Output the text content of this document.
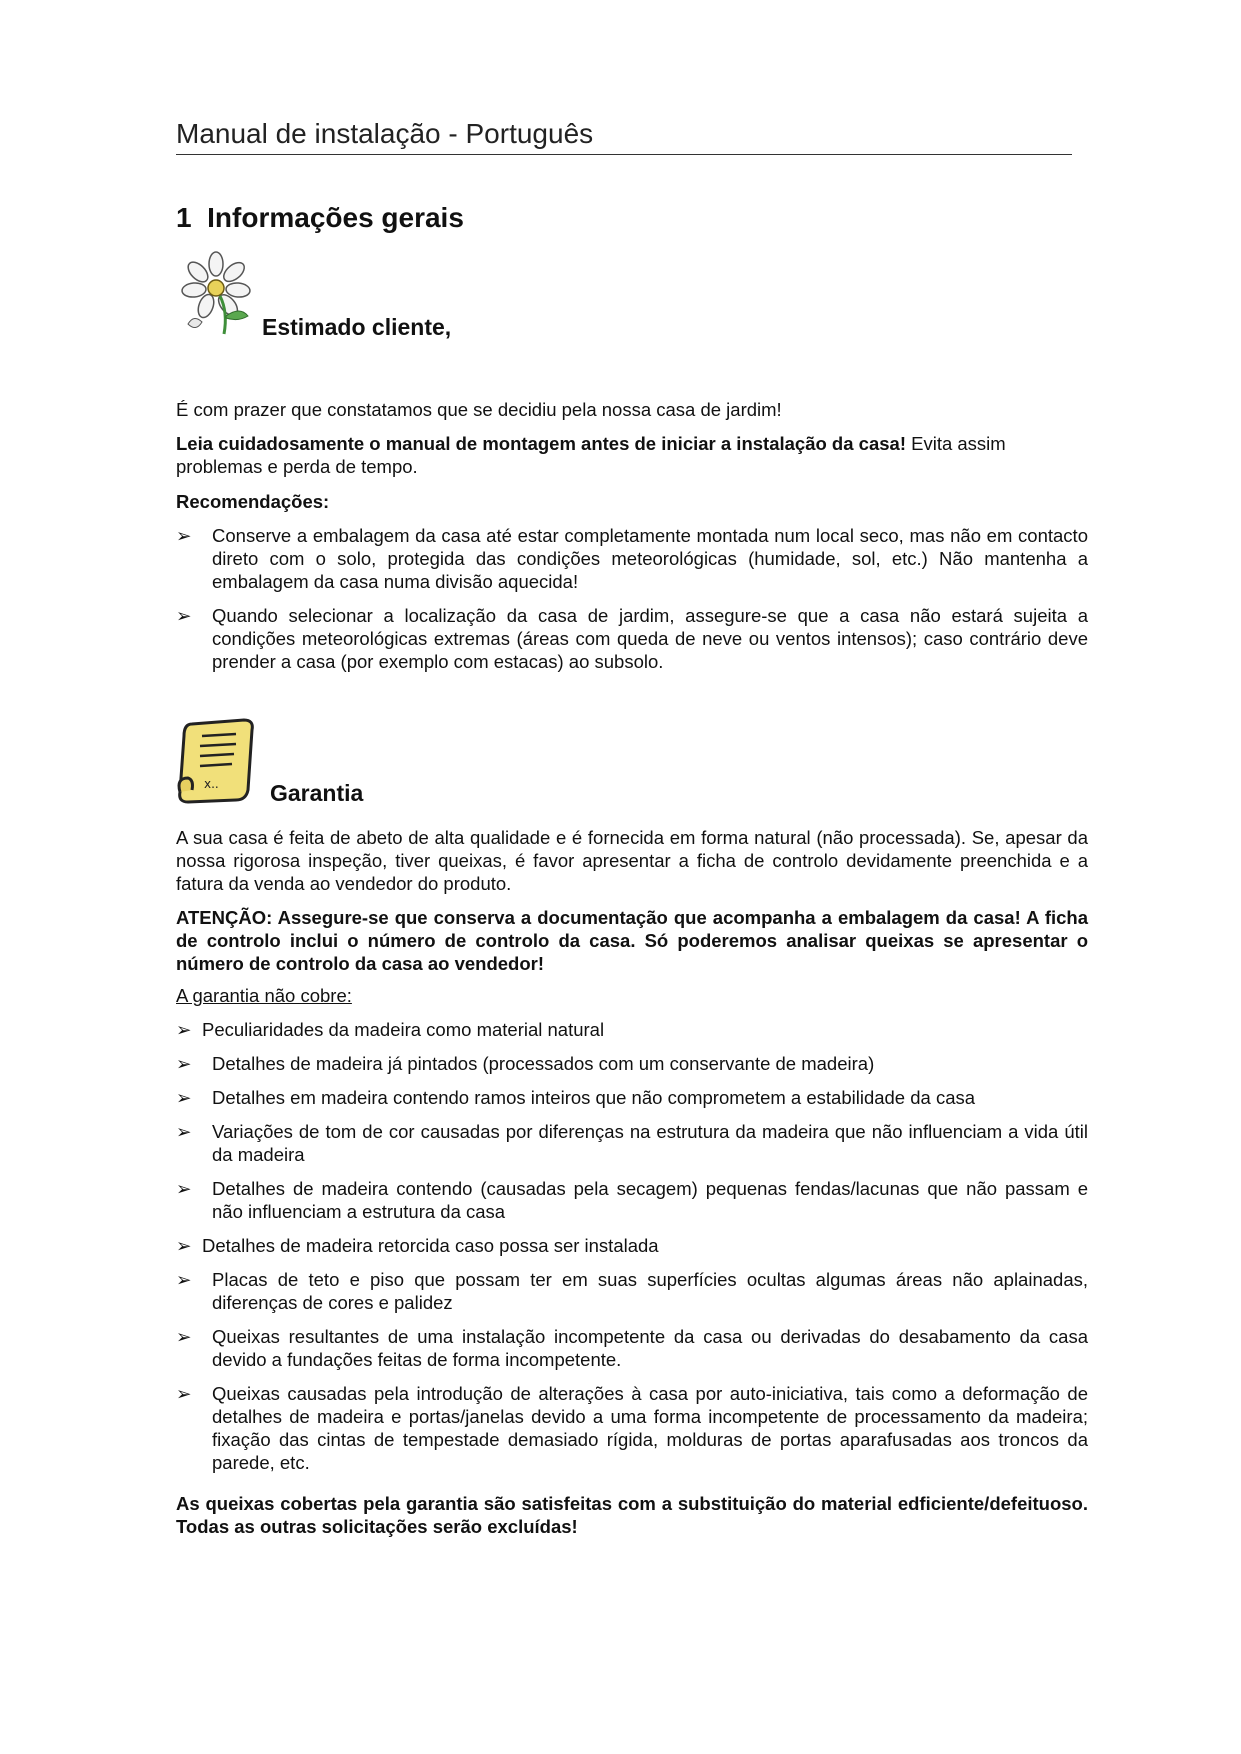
Manual de instalação - Português
1 Informações gerais
Estimado cliente,

É com prazer que constatamos que se decidiu pela nossa casa de jardim!

Leia cuidadosamente o manual de montagem antes de iniciar a instalação da casa! Evita assim problemas e perda de tempo.

Recomendações:
➢ Conserve a embalagem da casa até estar completamente montada num local seco, mas não em contacto direto com o solo, protegida das condições meteorológicas (humidade, sol, etc.) Não mantenha a embalagem da casa numa divisão aquecida!
➢ Quando selecionar a localização da casa de jardim, assegure-se que a casa não estará sujeita a condições meteorológicas extremas (áreas com queda de neve ou ventos intensos); caso contrário deve prender a casa (por exemplo com estacas) ao subsolo.
x.. Garantia

A sua casa é feita de abeto de alta qualidade e é fornecida em forma natural (não processada). Se, apesar da nossa rigorosa inspeção, tiver queixas, é favor apresentar a ficha de controlo devidamente preenchida e a fatura da venda ao vendedor do produto.

ATENÇÃO: Assegure-se que conserva a documentação que acompanha a embalagem da casa! A ficha de controlo inclui o número de controlo da casa. Só poderemos analisar queixas se apresentar o número de controlo da casa ao vendedor!
A garantia não cobre:
➢ Peculiaridades da madeira como material natural
➢ Detalhes de madeira já pintados (processados com um conservante de madeira)
➢ Detalhes em madeira contendo ramos inteiros que não comprometem a estabilidade da casa
➢ Variações de tom de cor causadas por diferenças na estrutura da madeira que não influenciam a vida útil da madeira
➢ Detalhes de madeira contendo (causadas pela secagem) pequenas fendas/lacunas que não passam e não influenciam a estrutura da casa
➢ Detalhes de madeira retorcida caso possa ser instalada
➢ Placas de teto e piso que possam ter em suas superfícies ocultas algumas áreas não aplainadas, diferenças de cores e palidez
➢ Queixas resultantes de uma instalação incompetente da casa ou derivadas do desabamento da casa devido a fundações feitas de forma incompetente.
➢ Queixas causadas pela introdução de alterações à casa por auto-iniciativa, tais como a deformação de detalhes de madeira e portas/janelas devido a uma forma incompetente de processamento da madeira; fixação das cintas de tempestade demasiado rígida, molduras de portas aparafusadas aos troncos da parede, etc.
As queixas cobertas pela garantia são satisfeitas com a substituição do material edficiente/defeituoso. Todas as outras solicitações serão excluídas!
